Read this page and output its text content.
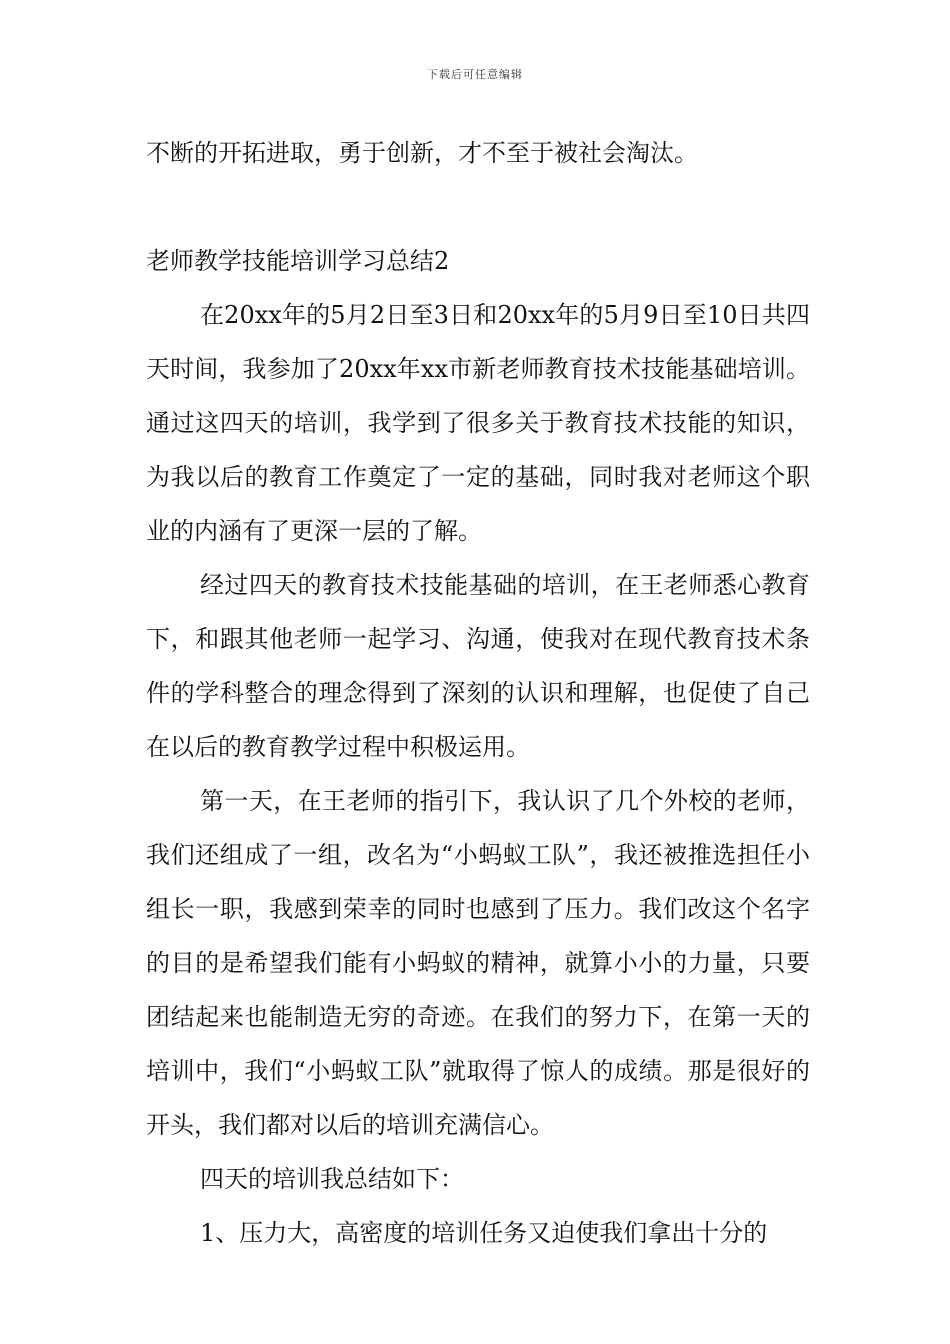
下载后可任意编辑

不断的开拓进取，勇于创新，才不至于被社会淘汰。

老师教学技能培训学习总结2

在20xx年的5月2日至3日和20xx年的5月9日至10日共四天时间，我参加了20xx年xx市新老师教育技术技能基础培训。通过这四天的培训，我学到了很多关于教育技术技能的知识，为我以后的教育工作奠定了一定的基础，同时我对老师这个职业的内涵有了更深一层的了解。

经过四天的教育技术技能基础的培训，在王老师悉心教育下，和跟其他老师一起学习、沟通，使我对在现代教育技术条件的学科整合的理念得到了深刻的认识和理解，也促使了自己在以后的教育教学过程中积极运用。

第一天，在王老师的指引下，我认识了几个外校的老师，我们还组成了一组，改名为“小蚂蚁工队”，我还被推选担任小组长一职，我感到荣幸的同时也感到了压力。我们改这个名字的目的是希望我们能有小蚂蚁的精神，就算小小的力量，只要团结起来也能制造无穷的奇迹。在我们的努力下，在第一天的培训中，我们“小蚂蚁工队”就取得了惊人的成绩。那是很好的开头，我们都对以后的培训充满信心。

四天的培训我总结如下：

1、压力大，高密度的培训任务又迫使我们拿出十分的
